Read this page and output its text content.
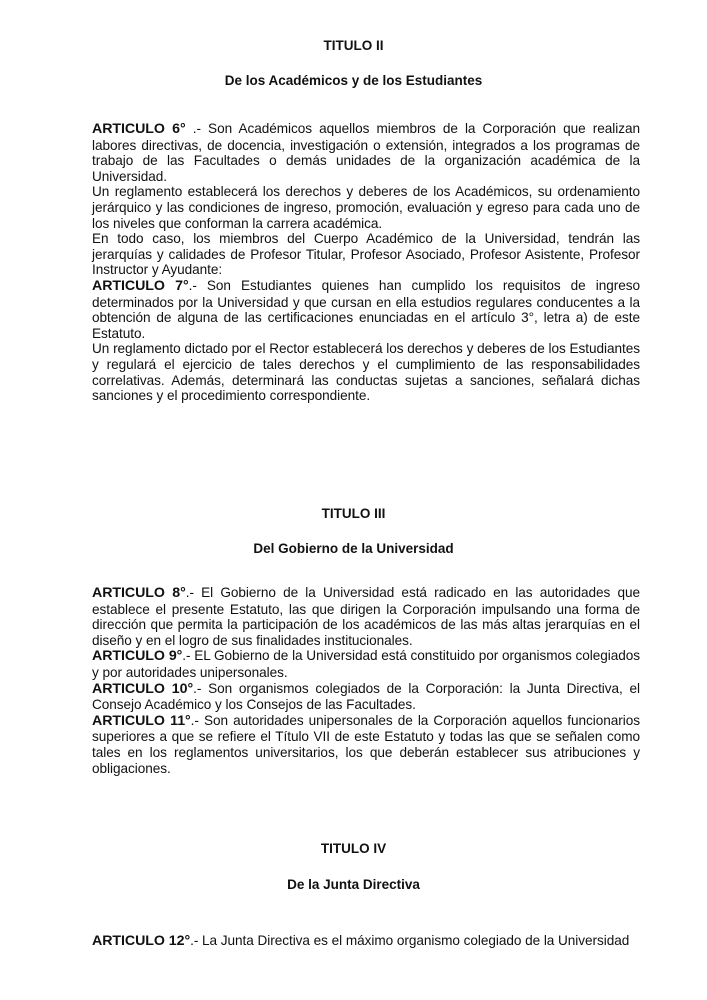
TITULO II
De los Académicos y de los Estudiantes
ARTICULO 6° .- Son Académicos aquellos miembros de la Corporación que realizan labores directivas, de docencia, investigación o extensión, integrados a los programas de trabajo de las Facultades o demás unidades de la organización académica de la Universidad.
Un reglamento establecerá los derechos y deberes de los Académicos, su ordenamiento jerárquico y las condiciones de ingreso, promoción, evaluación y egreso para cada uno de los niveles que conforman la carrera académica.
En todo caso, los miembros del Cuerpo Académico de la Universidad, tendrán las jerarquías y calidades de Profesor Titular, Profesor Asociado, Profesor Asistente, Profesor Instructor y Ayudante:
ARTICULO 7°.- Son Estudiantes quienes han cumplido los requisitos de ingreso determinados por la Universidad y que cursan en ella estudios regulares conducentes a la obtención de alguna de las certificaciones enunciadas en el artículo 3°, letra a) de este Estatuto.
Un reglamento dictado por el Rector establecerá los derechos y deberes de los Estudiantes y regulará el ejercicio de tales derechos y el cumplimiento de las responsabilidades correlativas. Además, determinará las conductas sujetas a sanciones, señalará dichas sanciones y el procedimiento correspondiente.
TITULO III
Del Gobierno de la Universidad
ARTICULO 8°.- El Gobierno de la Universidad está radicado en las autoridades que establece el presente Estatuto, las que dirigen la Corporación impulsando una forma de dirección que permita la participación de los académicos de las más altas jerarquías en el diseño y en el logro de sus finalidades institucionales.
ARTICULO 9°.- EL Gobierno de la Universidad está constituido por organismos colegiados y por autoridades unipersonales.
ARTICULO 10°.- Son organismos colegiados de la Corporación: la Junta Directiva, el Consejo Académico y los Consejos de las Facultades.
ARTICULO 11°.- Son autoridades unipersonales de la Corporación aquellos funcionarios superiores a que se refiere el Título VII de este Estatuto y todas las que se señalen como tales en los reglamentos universitarios, los que deberán establecer sus atribuciones y obligaciones.
TITULO IV
De la Junta Directiva
ARTICULO 12°.- La Junta Directiva es el máximo organismo colegiado de la Universidad
